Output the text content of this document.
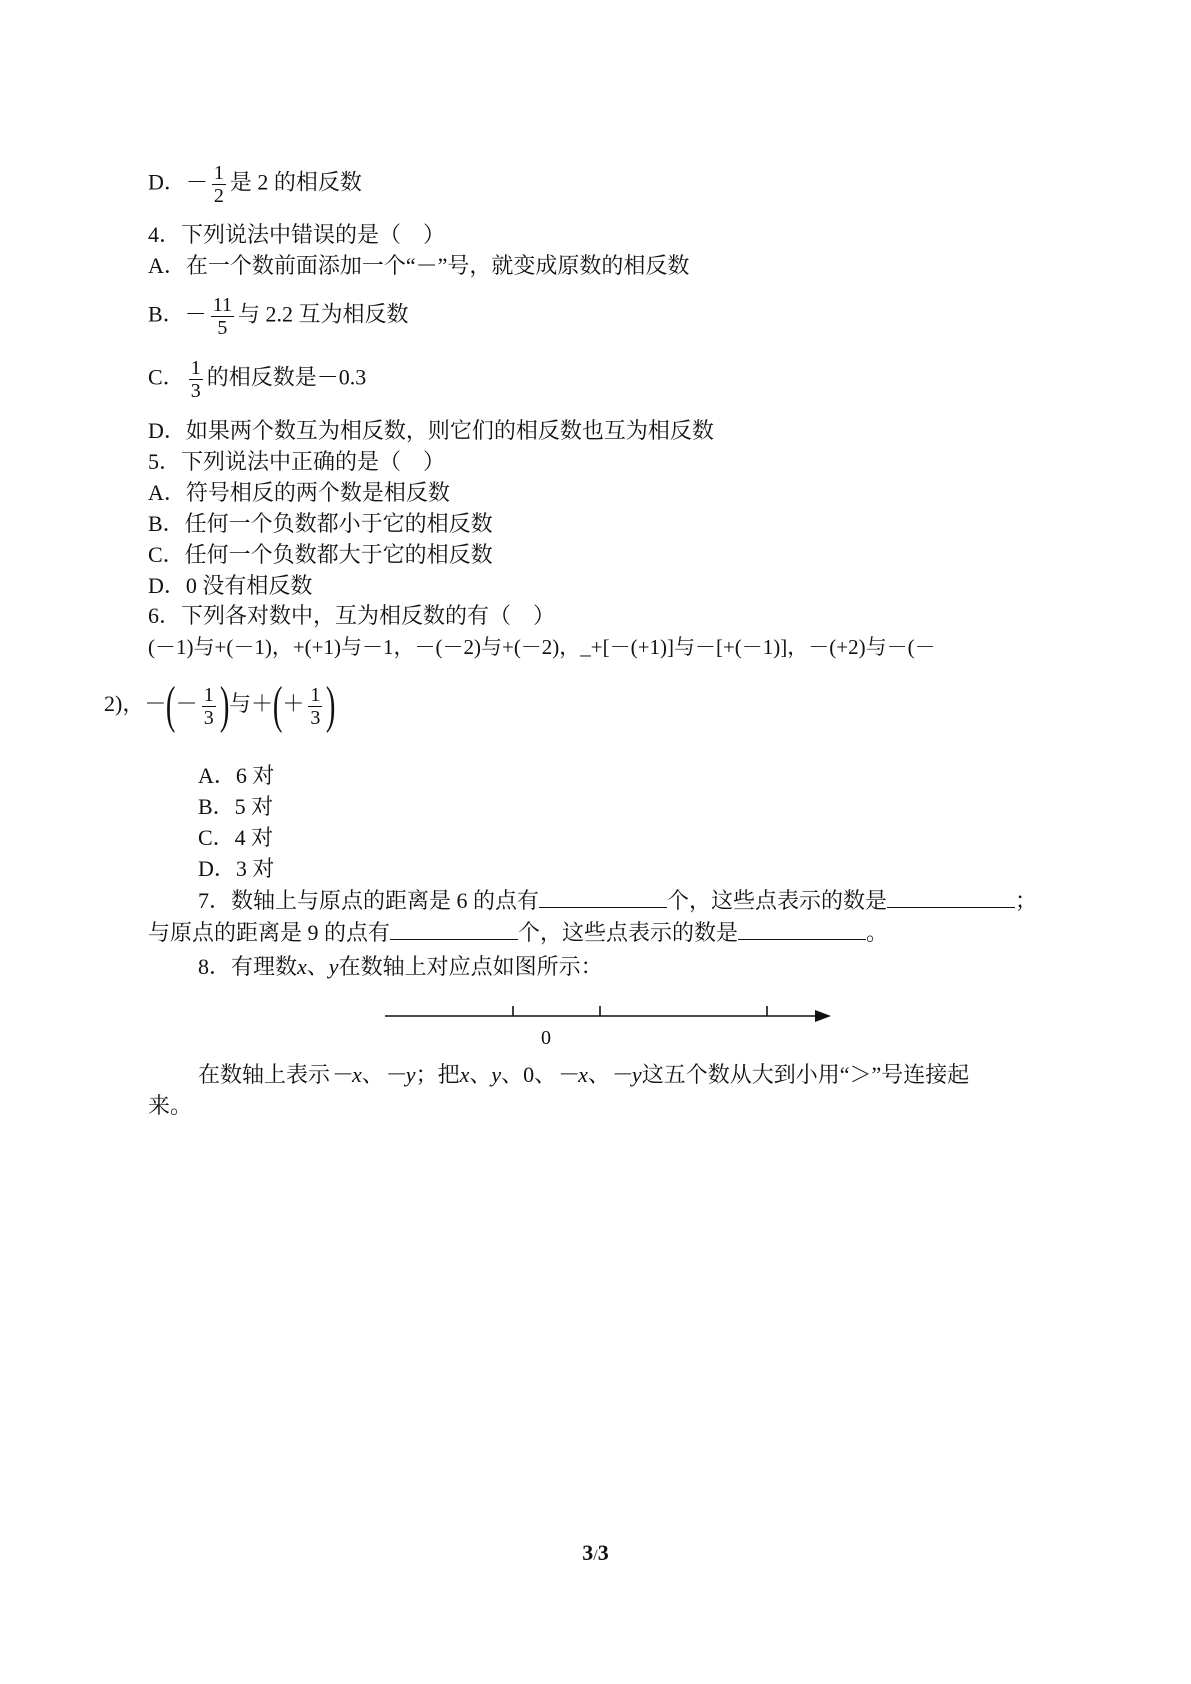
D．－ $\frac{1}{2}$ 是 2 的相反数
4．下列说法中错误的是（　）
A．在一个数前面添加一个“－”号，就变成原数的相反数
B．－ $\frac{11}{5}$ 与 2.2 互为相反数
C． $\frac{1}{3}$ 的相反数是－0.3
D．如果两个数互为相反数，则它们的相反数也互为相反数
5．下列说法中正确的是（　）
A．符号相反的两个数是相反数
B．任何一个负数都小于它的相反数
C．任何一个负数都大于它的相反数
D．0 没有相反数
6．下列各对数中，互为相反数的有（　）
(－1)与+(－1)，+(+1)与－1，－(－2)与+(－2)，_+[－(+1)]与－[+(－1)]，－(+2)与－(－
2)，－(－ $\frac{1}{3}$ )与＋(＋ $\frac{1}{3}$ )
A．6 对
B．5 对
C．4 对
D．3 对
7．数轴上与原点的距离是 6 的点有	个，这些点表示的数是	；
与原点的距离是 9 的点有	个，这些点表示的数是	。
8．有理数x、y在数轴上对应点如图所示：
0
在数轴上表示－x、－y；把x、y、0、－x、－y这五个数从大到小用“＞”号连接起
来。
3/3
